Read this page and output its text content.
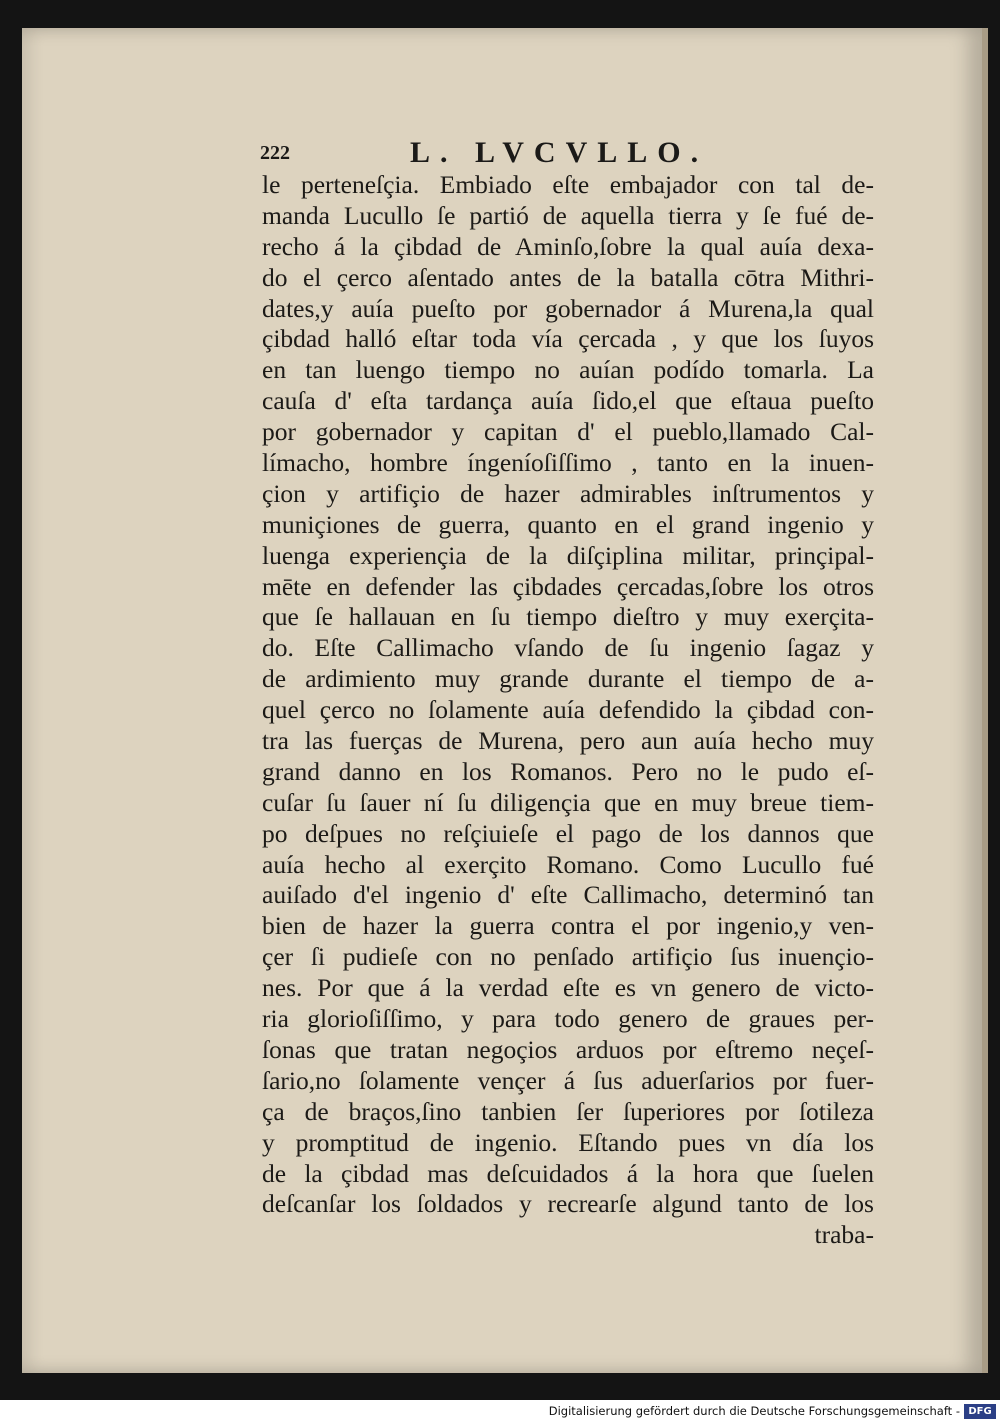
222	L. LVCVLLO.
le perteneſçia. Embiado eſte embajador con tal de-
manda Lucullo ſe partió de aquella tierra y ſe fué de-
recho á la çibdad de Aminſo,ſobre la qual auía dexa-
do el çerco aſentado antes de la batalla cōtra Mithri-
dates,y auía pueſto por gobernador á Murena,la qual
çibdad halló eſtar toda vía çercada , y que los ſuyos
en tan luengo tiempo no auían podído tomarla. La
cauſa d' eſta tardança auía ſido,el que eſtaua pueſto
por gobernador y capitan d' el pueblo,llamado Cal-
límacho, hombre íngeníoſiſſimo , tanto en la inuen-
çion y artifiçio de hazer admirables inſtrumentos y
muniçiones de guerra, quanto en el grand ingenio y
luenga experiençia de la diſçiplina militar, prinçipal-
mēte en defender las çibdades çercadas,ſobre los otros
que ſe hallauan en ſu tiempo dieſtro y muy exerçita-
do. Eſte Callimacho vſando de ſu ingenio ſagaz y
de ardimiento muy grande durante el tiempo de a-
quel çerco no ſolamente auía defendido la çibdad con-
tra las fuerças de Murena, pero aun auía hecho muy
grand danno en los Romanos. Pero no le pudo eſ-
cuſar ſu ſauer ní ſu diligençia que en muy breue tiem-
po deſpues no reſçiuieſe el pago de los dannos que
auía hecho al exerçito Romano. Como Lucullo fué
auiſado d'el ingenio d' eſte Callimacho, determinó tan
bien de hazer la guerra contra el por ingenio,y ven-
çer ſi pudieſe con no penſado artifiçio ſus inuençio-
nes. Por que á la verdad eſte es vn genero de victo-
ria glorioſiſſimo, y para todo genero de graues per-
ſonas que tratan negoçios arduos por eſtremo neçeſ-
ſario,no ſolamente vençer á ſus aduerſarios por fuer-
ça de braços,ſino tanbien ſer ſuperiores por ſotileza
y promptitud de ingenio. Eſtando pues vn día los
de la çibdad mas deſcuidados á la hora que ſuelen
deſcanſar los ſoldados y recrearſe algund tanto de los
traba-
Digitalisierung gefördert durch die Deutsche Forschungsgemeinschaft - DFG
